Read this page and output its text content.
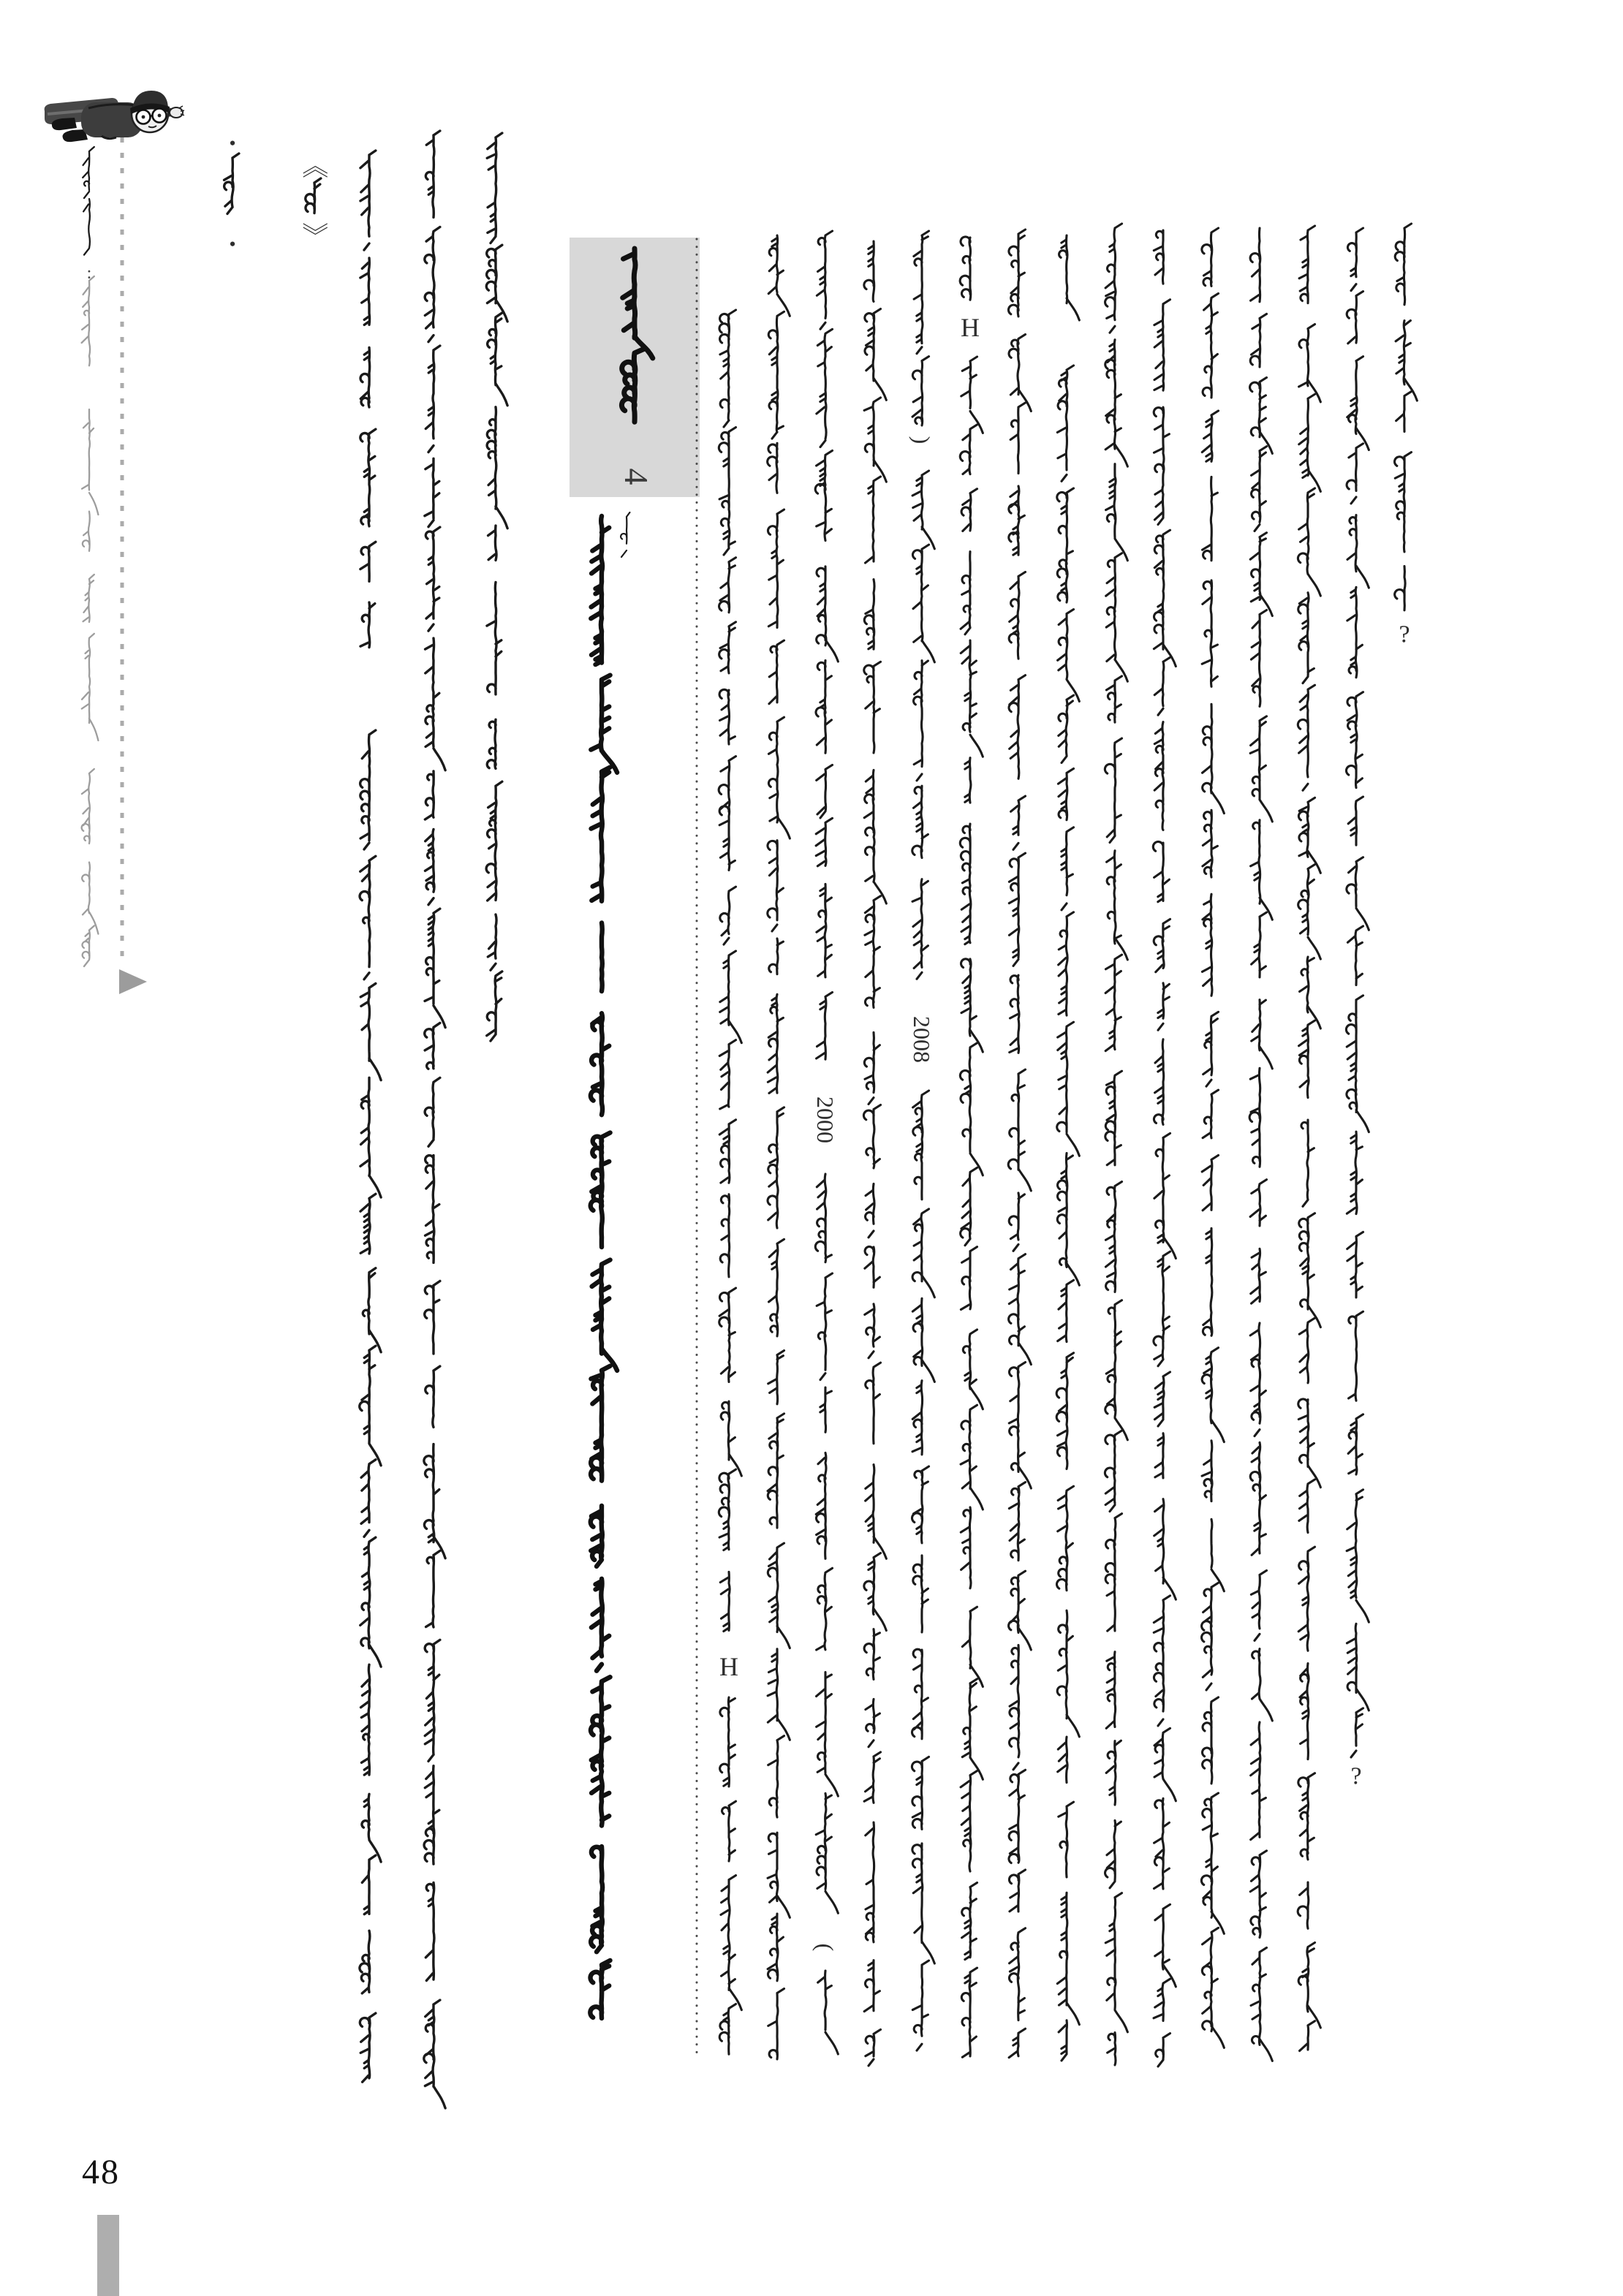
4
:
•
•
《
》
H
2000
(
)
2008
H
?
?
48
